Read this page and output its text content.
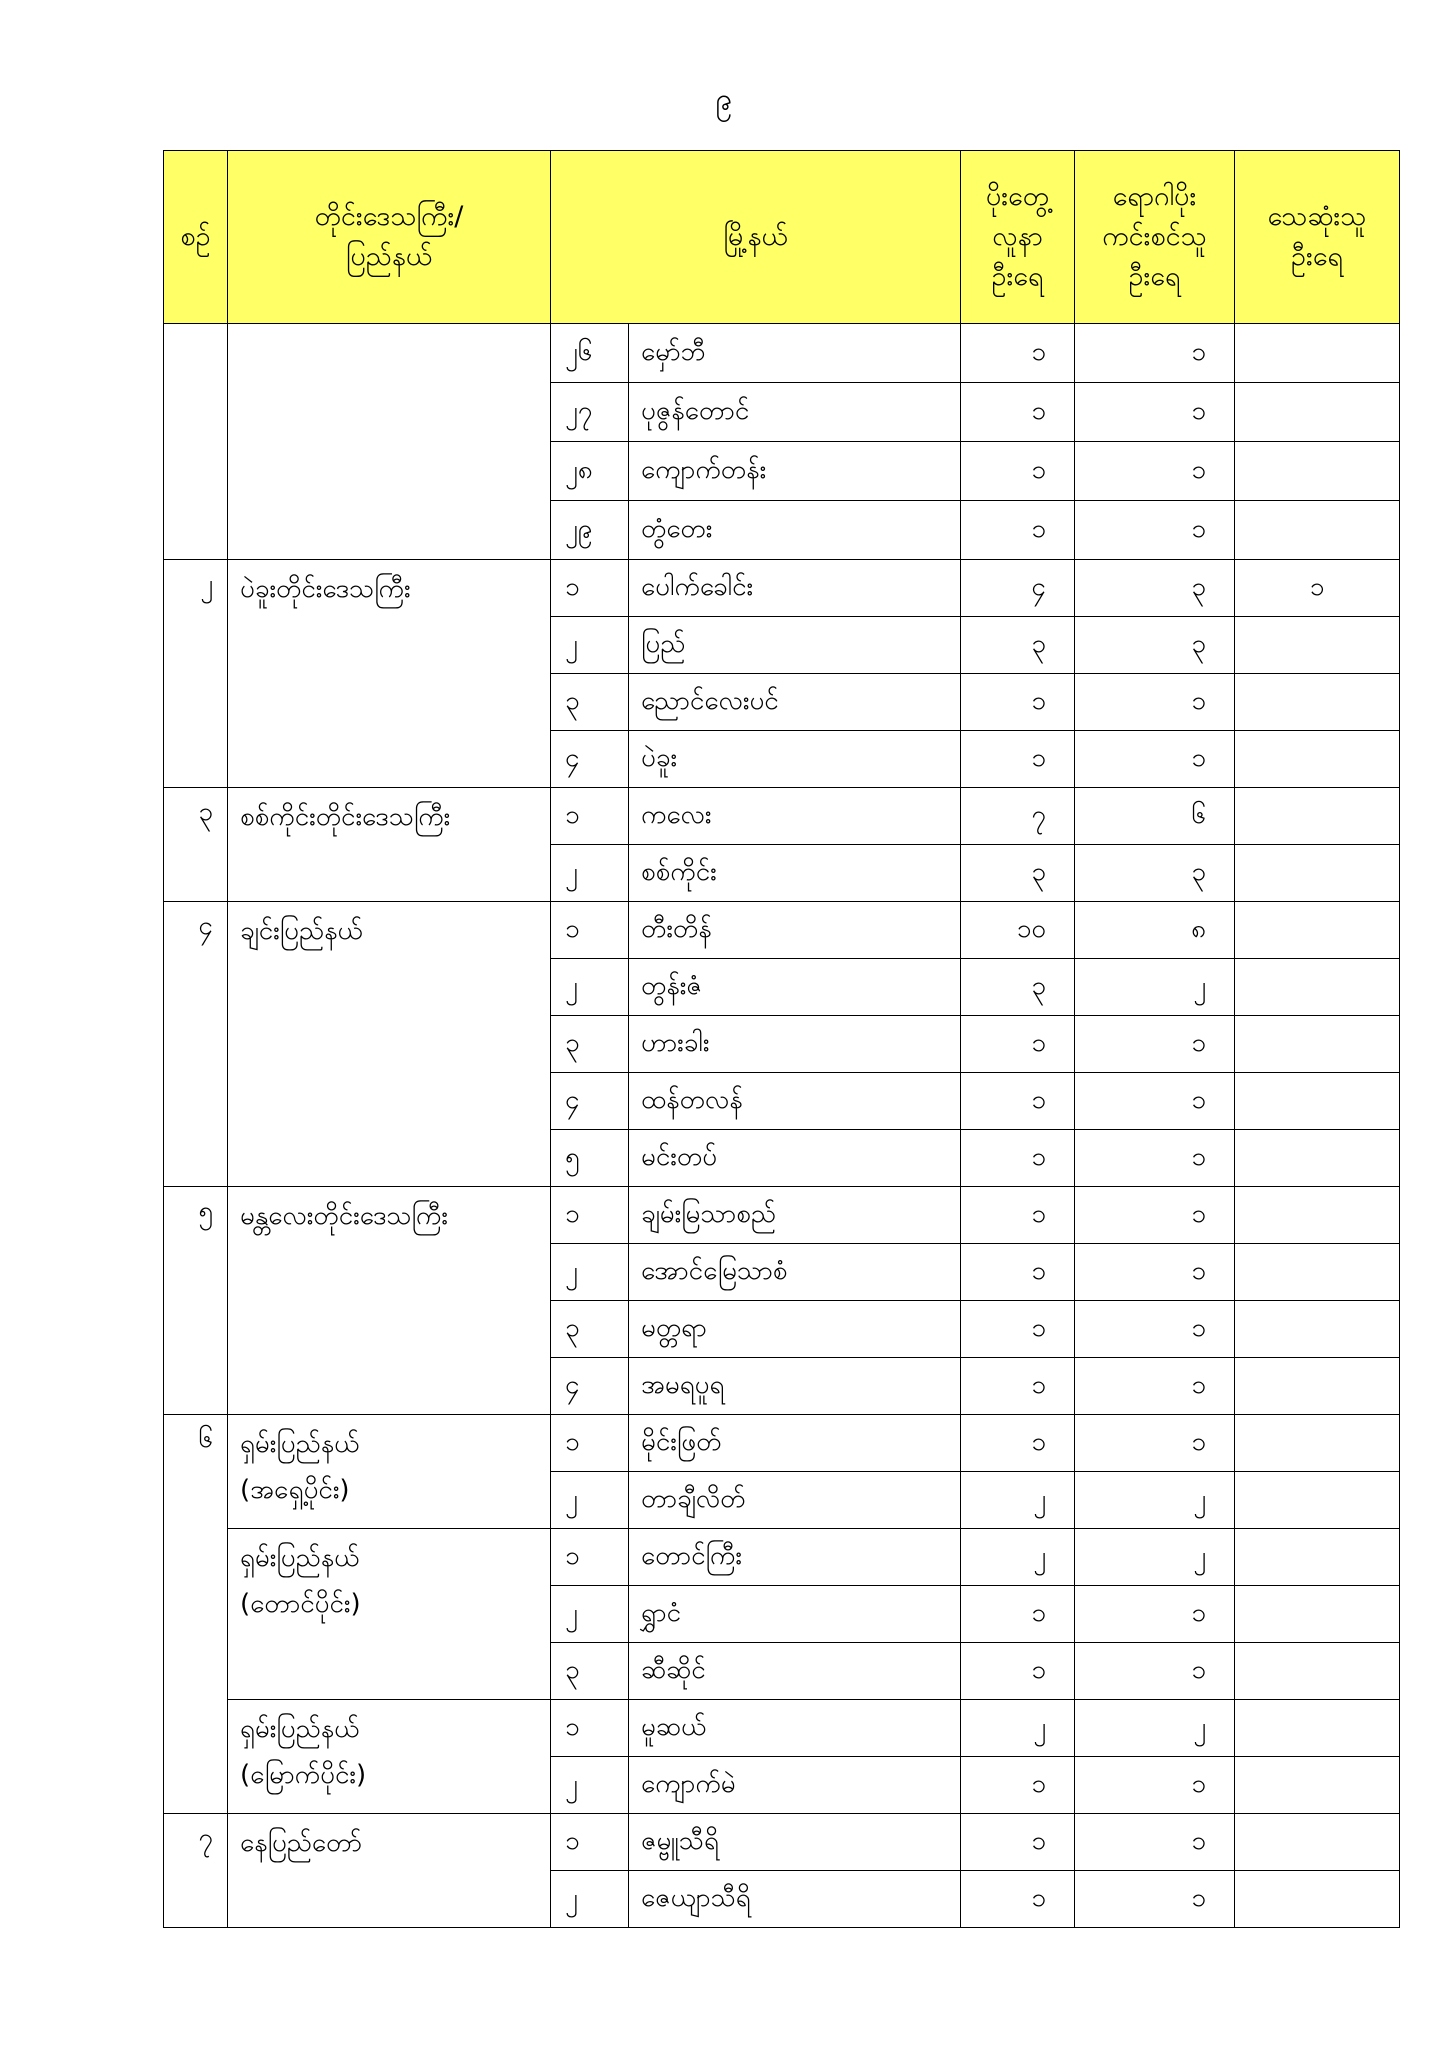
၉
စဉ်	တိုင်းဒေသကြီး/
ပြည်နယ်	မြို့နယ်		ပိုးတွေ့
လူနာ
ဦးရေ	ရောဂါပိုး
ကင်းစင်သူ
ဦးရေ	သေဆုံးသူ
ဦးရေ
		၂၆	မှော်ဘီ	၁	၁	
		၂၇	ပုဇွန်တောင်	၁	၁	
		၂၈	ကျောက်တန်း	၁	၁	
		၂၉	တွံတေး	၁	၁	
၂	ပဲခူးတိုင်းဒေသကြီး	၁	ပေါက်ခေါင်း	၄	၃	၁
		၂	ပြည်	၃	၃	
		၃	ညောင်လေးပင်	၁	၁	
		၄	ပဲခူး	၁	၁	
၃	စစ်ကိုင်းတိုင်းဒေသကြီး	၁	ကလေး	၇	၆	
		၂	စစ်ကိုင်း	၃	၃	
၄	ချင်းပြည်နယ်	၁	တီးတိန်	၁၀	၈	
		၂	တွန်းဇံ	၃	၂	
		၃	ဟားခါး	၁	၁	
		၄	ထန်တလန်	၁	၁	
		၅	မင်းတပ်	၁	၁	
၅	မန္တလေးတိုင်းဒေသကြီး	၁	ချမ်းမြသာစည်	၁	၁	
		၂	အောင်မြေသာစံ	၁	၁	
		၃	မတ္တရာ	၁	၁	
		၄	အမရပူရ	၁	၁	
၆	ရှမ်းပြည်နယ်
(အရှေ့ပိုင်း)	၁	မိုင်းဖြတ်	၁	၁	
		၂	တာချီလိတ်	၂	၂	
	ရှမ်းပြည်နယ်
(တောင်ပိုင်း)	၁	တောင်ကြီး	၂	၂	
		၂	ရွှာငံ	၁	၁	
		၃	ဆီဆိုင်	၁	၁	
	ရှမ်းပြည်နယ်
(မြောက်ပိုင်း)	၁	မူဆယ်	၂	၂	
		၂	ကျောက်မဲ	၁	၁	
၇	နေပြည်တော်	၁	ဇမ္ဗူသီရိ	၁	၁	
		၂	ဇေယျာသီရိ	၁	၁	
